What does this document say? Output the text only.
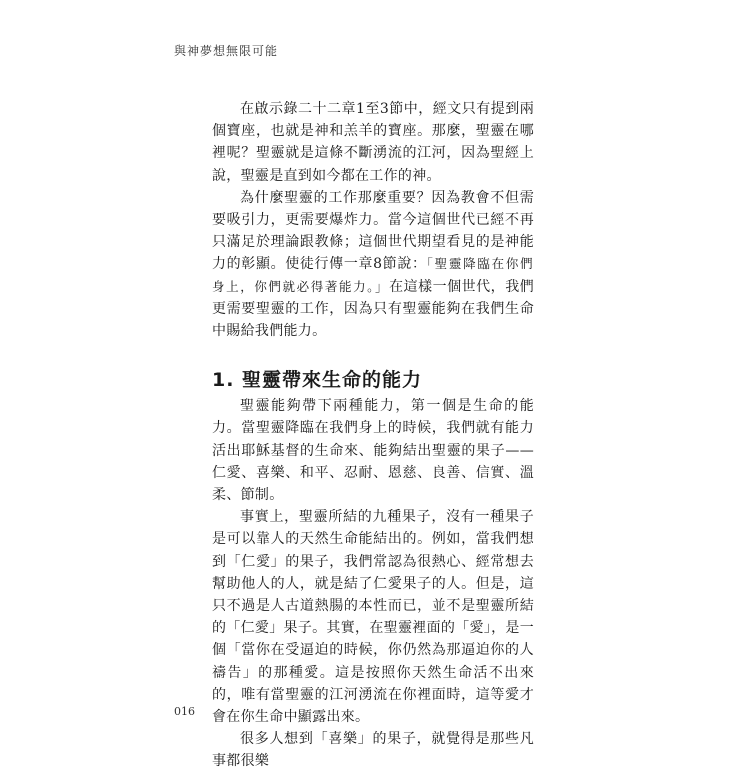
與神夢想無限可能

在啟示錄二十二章1至3節中，經文只有提到兩個寶座，也就是神和羔羊的寶座。那麼，聖靈在哪裡呢？聖靈就是這條不斷湧流的江河，因為聖經上說，聖靈是直到如今都在工作的神。

為什麼聖靈的工作那麼重要？因為教會不但需要吸引力，更需要爆炸力。當今這個世代已經不再只滿足於理論跟教條；這個世代期望看見的是神能力的彰顯。使徒行傳一章8節說：「聖靈降臨在你們身上，你們就必得著能力。」在這樣一個世代，我們更需要聖靈的工作，因為只有聖靈能夠在我們生命中賜給我們能力。

1. 聖靈帶來生命的能力

聖靈能夠帶下兩種能力，第一個是生命的能力。當聖靈降臨在我們身上的時候，我們就有能力活出耶穌基督的生命來、能夠結出聖靈的果子——仁愛、喜樂、和平、忍耐、恩慈、良善、信實、溫柔、節制。

事實上，聖靈所結的九種果子，沒有一種果子是可以靠人的天然生命能結出的。例如，當我們想到「仁愛」的果子，我們常認為很熱心、經常想去幫助他人的人，就是結了仁愛果子的人。但是，這只不過是人古道熱腸的本性而已，並不是聖靈所結的「仁愛」果子。其實，在聖靈裡面的「愛」，是一個「當你在受逼迫的時候，你仍然為那逼迫你的人禱告」的那種愛。這是按照你天然生命活不出來的，唯有當聖靈的江河湧流在你裡面時，這等愛才會在你生命中顯露出來。

很多人想到「喜樂」的果子，就覺得是那些凡事都很樂

016
